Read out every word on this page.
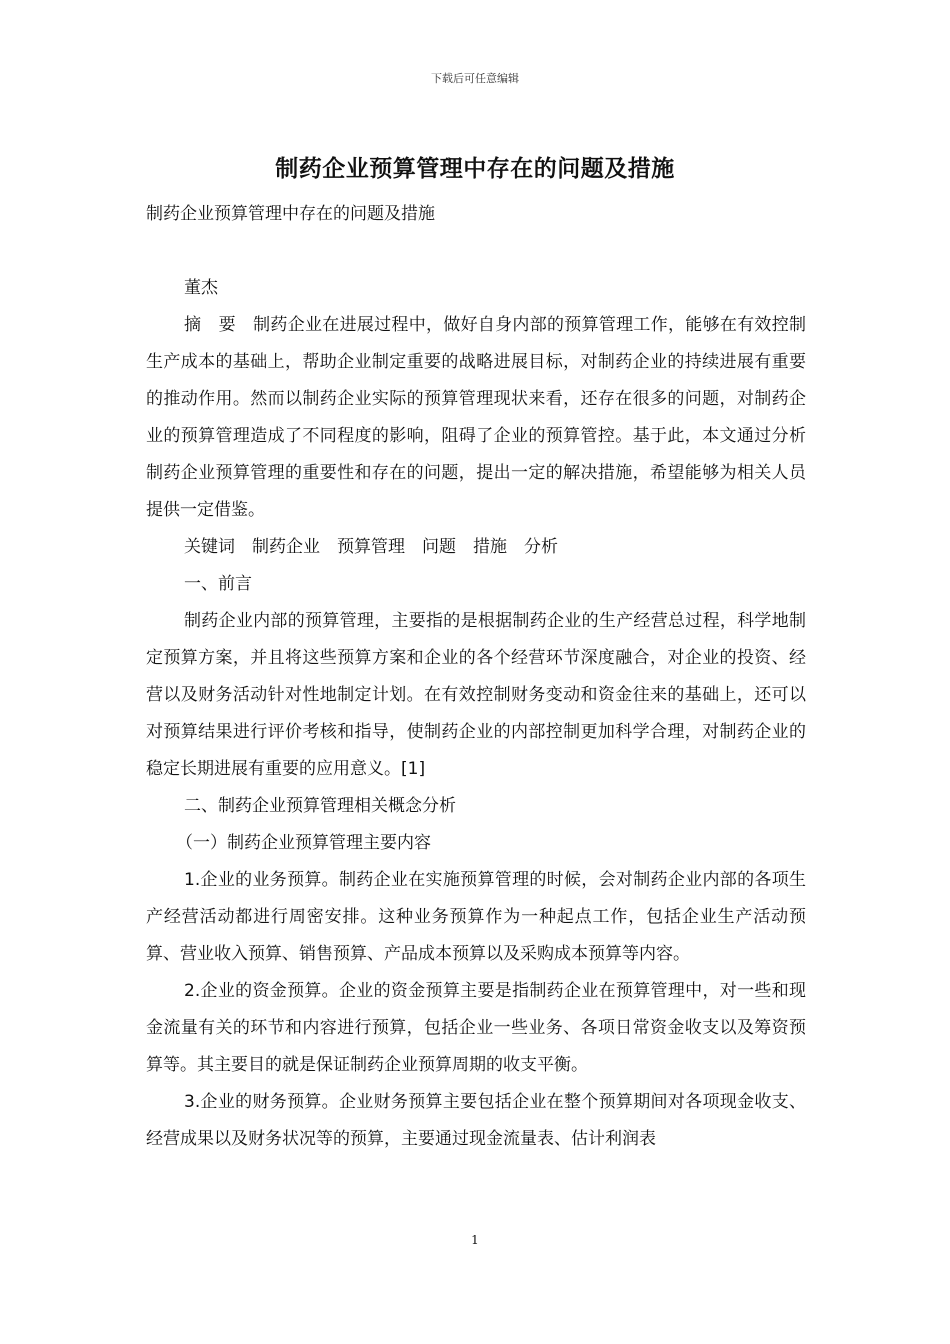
下载后可任意编辑
制药企业预算管理中存在的问题及措施

制药企业预算管理中存在的问题及措施

董杰

摘　要　制药企业在进展过程中，做好自身内部的预算管理工作，能够在有效控制生产成本的基础上，帮助企业制定重要的战略进展目标，对制药企业的持续进展有重要的推动作用。然而以制药企业实际的预算管理现状来看，还存在很多的问题，对制药企业的预算管理造成了不同程度的影响，阻碍了企业的预算管控。基于此，本文通过分析制药企业预算管理的重要性和存在的问题，提出一定的解决措施，希望能够为相关人员提供一定借鉴。

关键词　制药企业　预算管理　问题　措施　分析

一、前言

制药企业内部的预算管理，主要指的是根据制药企业的生产经营总过程，科学地制定预算方案，并且将这些预算方案和企业的各个经营环节深度融合，对企业的投资、经营以及财务活动针对性地制定计划。在有效控制财务变动和资金往来的基础上，还可以对预算结果进行评价考核和指导，使制药企业的内部控制更加科学合理，对制药企业的稳定长期进展有重要的应用意义。[1]

二、制药企业预算管理相关概念分析

（一）制药企业预算管理主要内容

1.企业的业务预算。制药企业在实施预算管理的时候，会对制药企业内部的各项生产经营活动都进行周密安排。这种业务预算作为一种起点工作，包括企业生产活动预算、营业收入预算、销售预算、产品成本预算以及采购成本预算等内容。

2.企业的资金预算。企业的资金预算主要是指制药企业在预算管理中，对一些和现金流量有关的环节和内容进行预算，包括企业一些业务、各项日常资金收支以及筹资预算等。其主要目的就是保证制药企业预算周期的收支平衡。

3.企业的财务预算。企业财务预算主要包括企业在整个预算期间对各项现金收支、经营成果以及财务状况等的预算，主要通过现金流量表、估计利润表

1
